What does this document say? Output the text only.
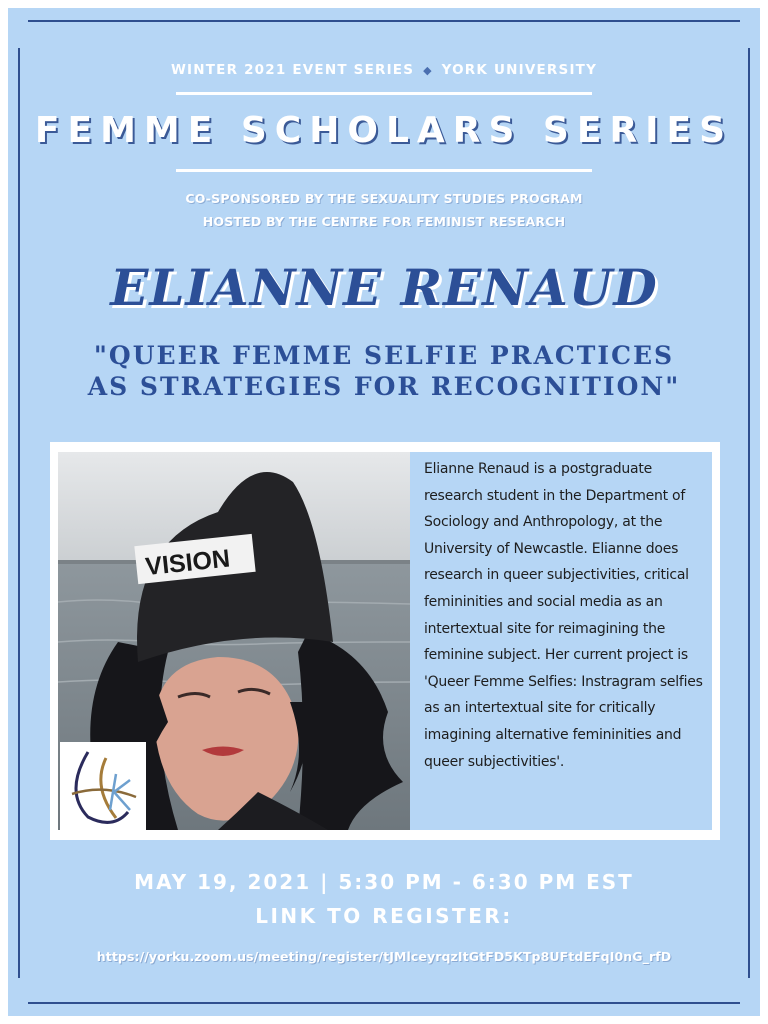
WINTER 2021 EVENT SERIES ◆ YORK UNIVERSITY
FEMME SCHOLARS SERIES
CO-SPONSORED BY THE SEXUALITY STUDIES PROGRAM
HOSTED BY THE CENTRE FOR FEMINIST RESEARCH
ELIANNE RENAUD
"QUEER FEMME SELFIE PRACTICES
AS STRATEGIES FOR RECOGNITION"
VISION
Elianne Renaud is a postgraduate research student in the Department of Sociology and Anthropology, at the University of Newcastle. Elianne does research in queer subjectivities, critical femininities and social media as an intertextual site for reimagining the feminine subject. Her current project is 'Queer Femme Selfies: Instragram selfies as an intertextual site for critically imagining alternative femininities and queer subjectivities'.
MAY 19, 2021 | 5:30 PM - 6:30 PM EST
LINK TO REGISTER:
https://yorku.zoom.us/meeting/register/tJMlceyrqzItGtFD5KTp8UFtdEFqI0nG_rfD
